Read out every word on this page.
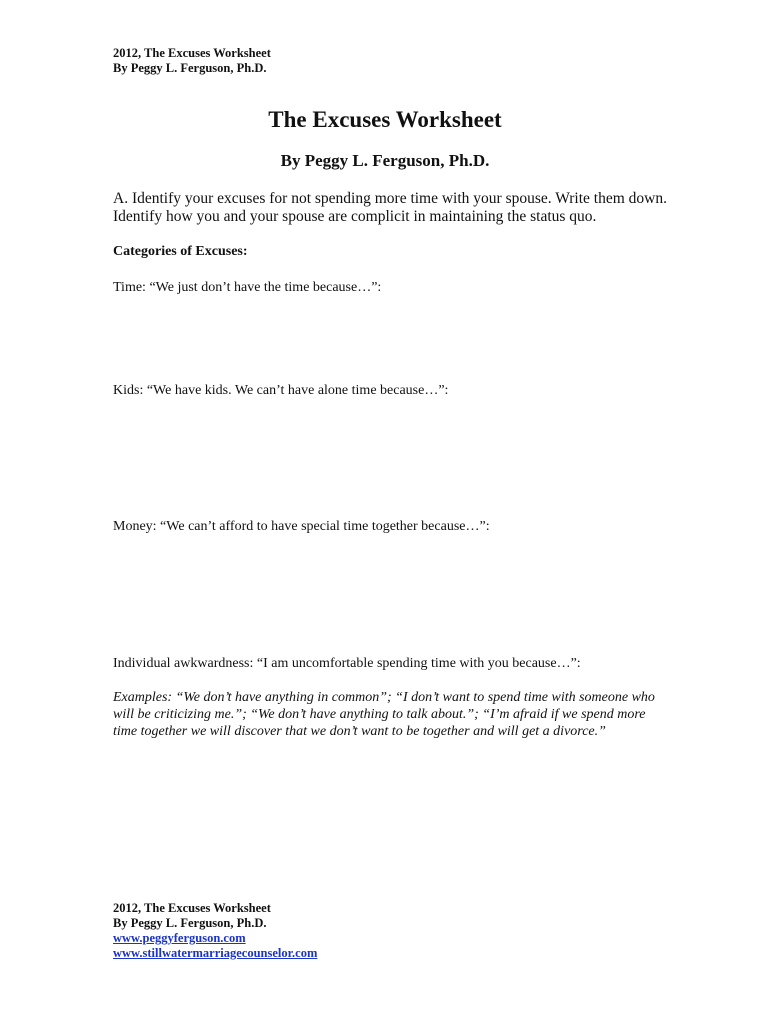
2012, The Excuses Worksheet
By Peggy L. Ferguson, Ph.D.
The Excuses Worksheet
By Peggy L. Ferguson, Ph.D.
A. Identify your excuses for not spending more time with your spouse. Write them down. Identify how you and your spouse are complicit in maintaining the status quo.
Categories of Excuses:
Time: “We just don’t have the time because…”:
Kids: “We have kids. We can’t have alone time because…”:
Money: “We can’t afford to have special time together because…”:
Individual awkwardness: “I am uncomfortable spending time with you because…”:
Examples: “We don’t have anything in common”; “I don’t want to spend time with someone who will be criticizing me.”; “We don’t have anything to talk about.”; “I’m afraid if we spend more time together we will discover that we don’t want to be together and will get a divorce.”
2012, The Excuses Worksheet
By Peggy L. Ferguson, Ph.D.
www.peggyferguson.com
www.stillwatermarriagecounselor.com
